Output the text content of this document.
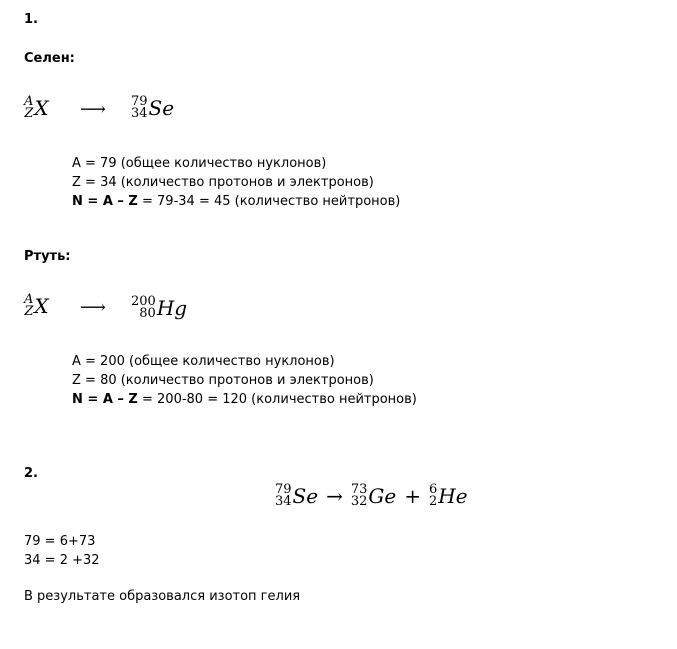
1.
Селен:
A
Z X ⟶ 79
34 Se
A = 79 (общее количество нуклонов)
Z = 34 (количество протонов и электронов)
N = A – Z = 79-34 = 45 (количество нейтронов)
Ртуть:
A
Z X ⟶ 200
80 Hg
A = 200 (общее количество нуклонов)
Z = 80 (количество протонов и электронов)
N = A – Z = 200-80 = 120 (количество нейтронов)
2.
79
34 Se → 73
32 Ge + 6
2 He
79 = 6+73
34 = 2 +32
В результате образовался изотоп гелия
